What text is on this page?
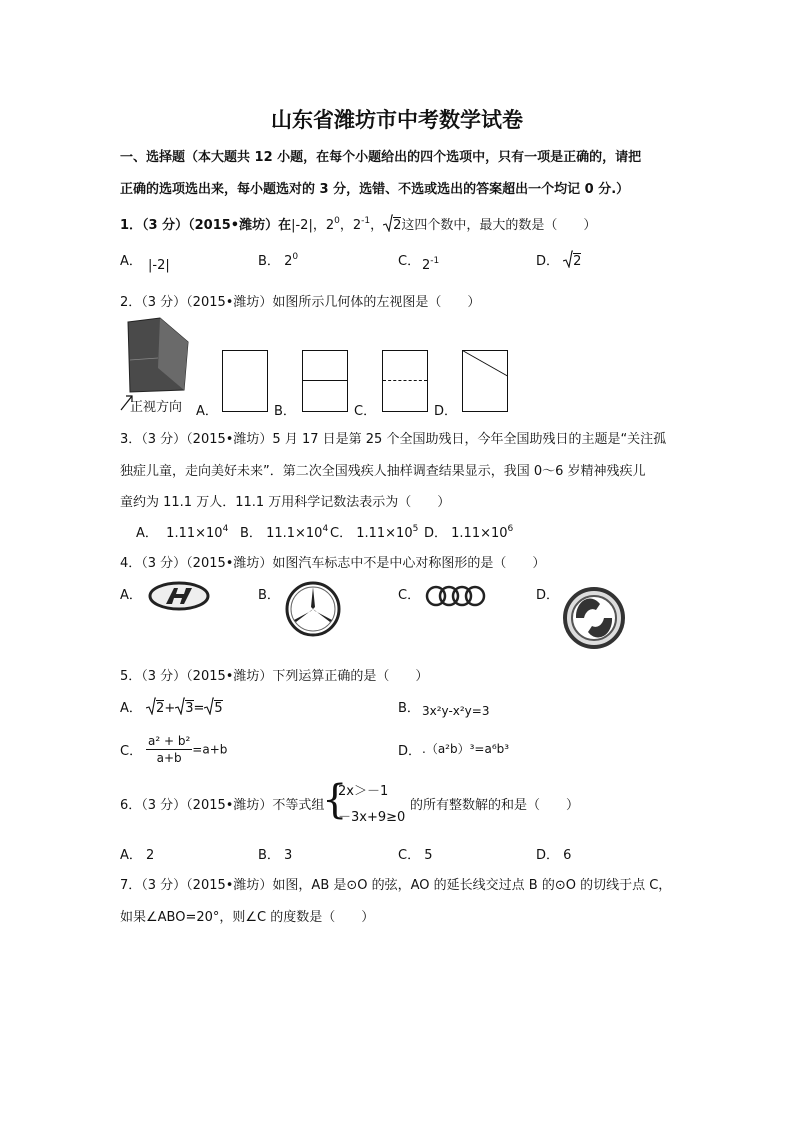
山东省潍坊市中考数学试卷
一、选择题（本大题共 12 小题，在每个小题给出的四个选项中，只有一项是正确的，请把
正确的选项选出来，每小题选对的 3 分，选错、不选或选出的答案超出一个均记 0 分.）
1．（3 分）（2015•潍坊）在|-2|，$2^0$，$2^{-1}$， 2这四个数中，最大的数是（　　）
A． |-2|	B． $2^0$	C． $2^{-1}$	D． 2
2．（3 分）（2015•潍坊）如图所示几何体的左视图是（　　）
正视方向 A．	B．	C．	D．
3．（3 分）（2015•潍坊）5 月 17 日是第 25 个全国助残日，今年全国助残日的主题是“关注孤
独症儿童，走向美好未来”．第二次全国残疾人抽样调查结果显示，我国 0～6 岁精神残疾儿
童约为 11.1 万人．11.1 万用科学记数法表示为（　　）
A． $1.11\times 10^4$ B． $11.1\times 10^4$ C． $1.11\times 10^5$ D． $1.11\times 10^6$
4．（3 分）（2015•潍坊）如图汽车标志中不是中心对称图形的是（　　）
A．	B．	C．	D．
5．（3 分）（2015•潍坊）下列运算正确的是（　　）
A． 2+ 3= 5	B． 3x²y-x²y=3
C． $\frac{\text{a² + b²}}{a+b} =a+b$	D． .（a²b）³=a⁶b³
6．（3 分）（2015•潍坊）不等式组
{
2x＞－1
－3x+9≥0
的所有整数解的和是（　　）
A． 2	B． 3	C． 5	D． 6
7．（3 分）（2015•潍坊）如图，AB 是⊙O 的弦，AO 的延长线交过点 B 的⊙O 的切线于点 C，
如果∠ABO=20°，则∠C 的度数是（　　）
